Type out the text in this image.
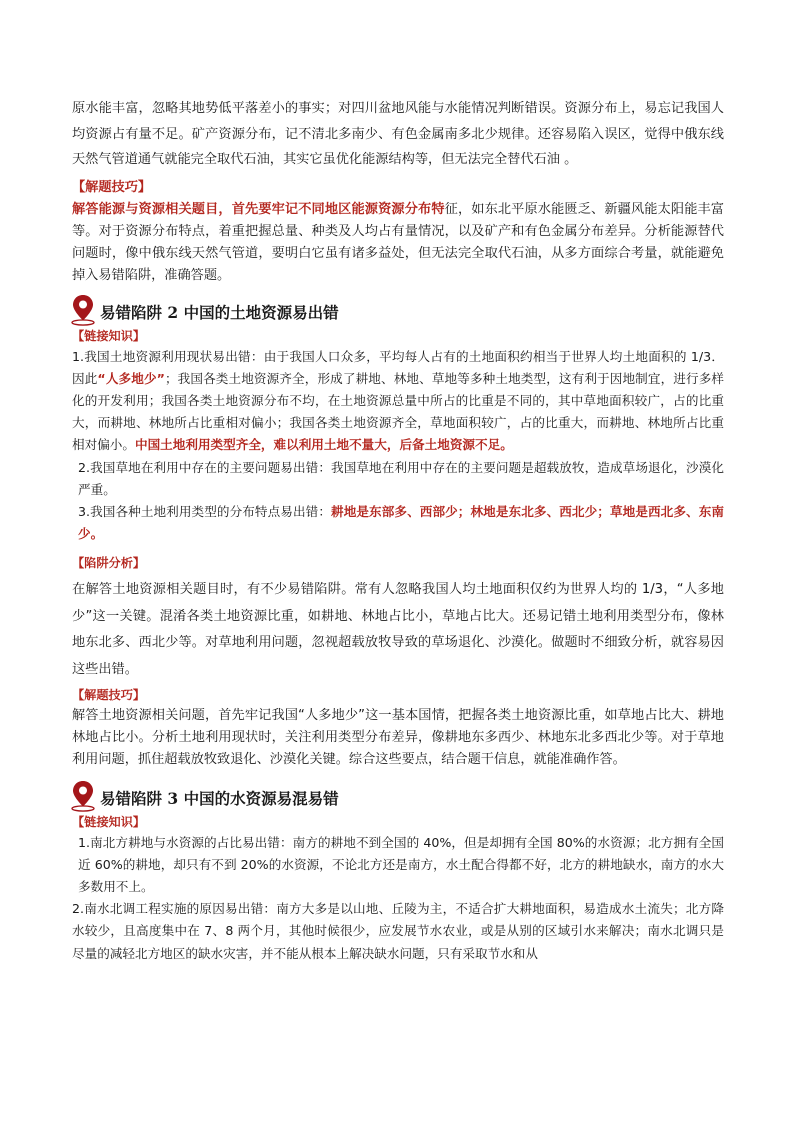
原水能丰富，忽略其地势低平落差小的事实；对四川盆地风能与水能情况判断错误。资源分布上，易忘记我国人均资源占有量不足。矿产资源分布，记不清北多南少、有色金属南多北少规律。还容易陷入误区，觉得中俄东线天然气管道通气就能完全取代石油，其实它虽优化能源结构等，但无法完全替代石油 。

【解题技巧】

解答能源与资源相关题目，首先要牢记不同地区能源资源分布特征，如东北平原水能匮乏、新疆风能太阳能丰富等。对于资源分布特点，着重把握总量、种类及人均占有量情况，以及矿产和有色金属分布差异。分析能源替代问题时，像中俄东线天然气管道，要明白它虽有诸多益处，但无法完全取代石油，从多方面综合考量，就能避免掉入易错陷阱，准确答题。

易错陷阱 2 中国的土地资源易出错

【链接知识】

1.我国土地资源利用现状易出错：由于我国人口众多，平均每人占有的土地面积约相当于世界人均土地面积的 1/3．因此“人多地少”；我国各类土地资源齐全，形成了耕地、林地、草地等多种土地类型，这有利于因地制宜，进行多样化的开发利用；我国各类土地资源分布不均，在土地资源总量中所占的比重是不同的，其中草地面积较广，占的比重大，而耕地、林地所占比重相对偏小；我国各类土地资源齐全，草地面积较广，占的比重大，而耕地、林地所占比重相对偏小。中国土地利用类型齐全，难以利用土地不量大，后备土地资源不足。

2.我国草地在利用中存在的主要问题易出错：我国草地在利用中存在的主要问题是超载放牧，造成草场退化，沙漠化严重。

3.我国各种土地利用类型的分布特点易出错：耕地是东部多、西部少；林地是东北多、西北少；草地是西北多、东南少。

【陷阱分析】

在解答土地资源相关题目时，有不少易错陷阱。常有人忽略我国人均土地面积仅约为世界人均的 1/3，“人多地少”这一关键。混淆各类土地资源比重，如耕地、林地占比小，草地占比大。还易记错土地利用类型分布，像林地东北多、西北少等。对草地利用问题，忽视超载放牧导致的草场退化、沙漠化。做题时不细致分析，就容易因这些出错。

【解题技巧】

解答土地资源相关问题，首先牢记我国“人多地少”这一基本国情，把握各类土地资源比重，如草地占比大、耕地林地占比小。分析土地利用现状时，关注利用类型分布差异，像耕地东多西少、林地东北多西北少等。对于草地利用问题，抓住超载放牧致退化、沙漠化关键。综合这些要点，结合题干信息，就能准确作答。

易错陷阱 3 中国的水资源易混易错

【链接知识】

1.南北方耕地与水资源的占比易出错：南方的耕地不到全国的 40%，但是却拥有全国 80%的水资源；北方拥有全国近 60%的耕地，却只有不到 20%的水资源，不论北方还是南方，水土配合得都不好，北方的耕地缺水，南方的水大多数用不上。

2.南水北调工程实施的原因易出错：南方大多是以山地、丘陵为主，不适合扩大耕地面积，易造成水土流失；北方降水较少，且高度集中在 7、8 两个月，其他时候很少，应发展节水农业，或是从别的区域引水来解决；南水北调只是尽量的减轻北方地区的缺水灾害，并不能从根本上解决缺水问题，只有采取节水和从
